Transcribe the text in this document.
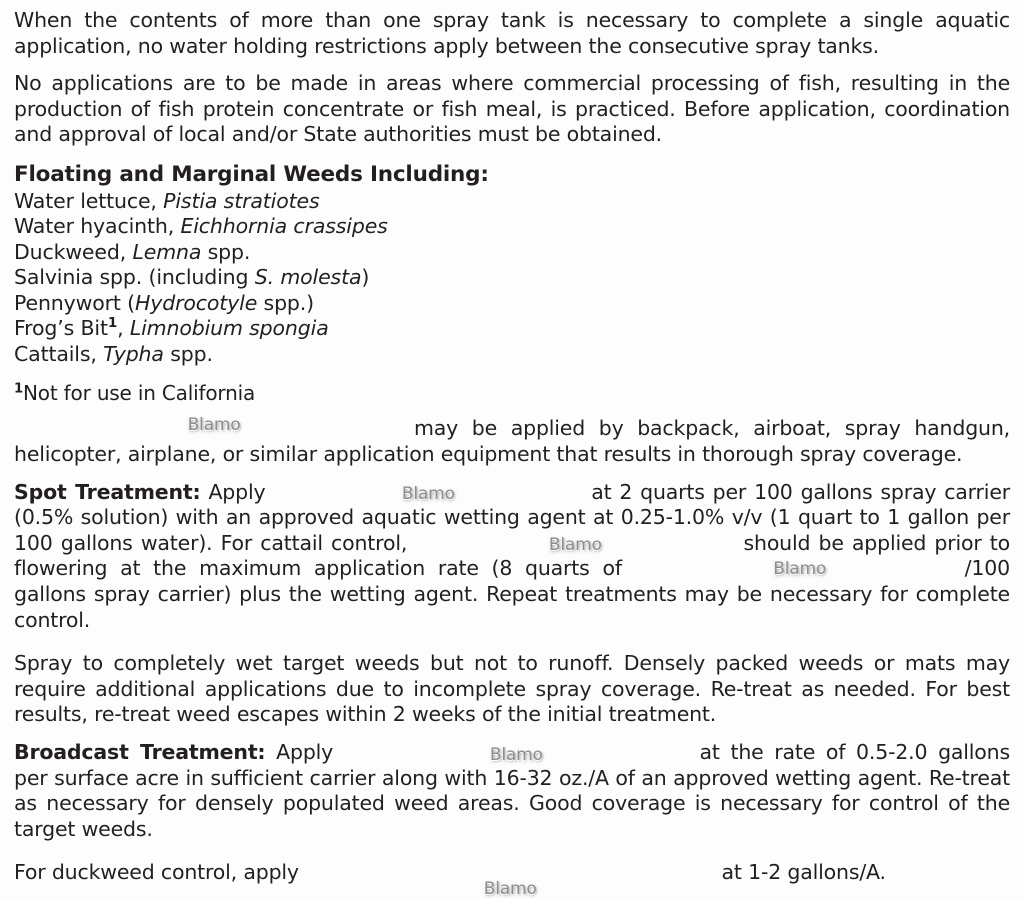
When the contents of more than one spray tank is necessary to complete a single aquatic application, no water holding restrictions apply between the consecutive spray tanks.

No applications are to be made in areas where commercial processing of fish, resulting in the production of fish protein concentrate or fish meal, is practiced. Before application, coordination and approval of local and/or State authorities must be obtained.

Floating and Marginal Weeds Including:
Water lettuce, Pistia stratiotes
Water hyacinth, Eichhornia crassipes
Duckweed, Lemna spp.
Salvinia spp. (including S. molesta)
Pennywort (Hydrocotyle spp.)
Frog’s Bit$^1$, Limnobium spongia
Cattails, Typha spp.

$^1$Not for use in California

Blamo	may be applied by backpack, airboat, spray handgun, helicopter, airplane, or similar application equipment that results in thorough spray coverage.

Spot Treatment: Apply	Blamo	at 2 quarts per 100 gallons spray carrier (0.5% solution) with an approved aquatic wetting agent at 0.25-1.0% v/v (1 quart to 1 gallon per 100 gallons water). For cattail control,	Blamo	should be applied prior to flowering at the maximum application rate (8 quarts of	Blamo	/100 gallons spray carrier) plus the wetting agent. Repeat treatments may be necessary for complete control.

Spray to completely wet target weeds but not to runoff. Densely packed weeds or mats may require additional applications due to incomplete spray coverage. Re-treat as needed. For best results, re-treat weed escapes within 2 weeks of the initial treatment.

Broadcast Treatment: Apply	Blamo	at the rate of 0.5-2.0 gallons per surface acre in sufficient carrier along with 16-32 oz./A of an approved wetting agent. Re-treat as necessary for densely populated weed areas. Good coverage is necessary for control of the target weeds.

For duckweed control, apply
Blamo
at 1-2 gallons/A.
